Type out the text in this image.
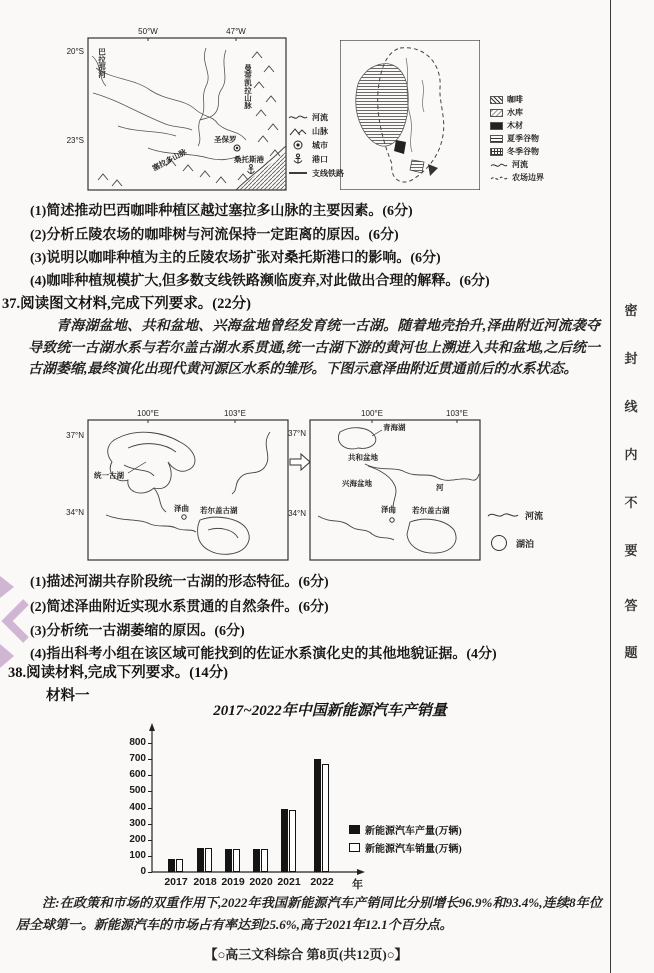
50°W	47°W
20°S
23°S
巴拉那河
曼蒂凯拉山脉
塞拉多山脉
圣保罗
桑托斯港
河流
山脉
城市
港口
支线铁路
咖啡
水库
木材
夏季谷物
冬季谷物
河流
农场边界
(1)简述推动巴西咖啡种植区越过塞拉多山脉的主要因素。(6分)
(2)分析丘陵农场的咖啡树与河流保持一定距离的原因。(6分)
(3)说明以咖啡种植为主的丘陵农场扩张对桑托斯港口的影响。(6分)
(4)咖啡种植规模扩大,但多数支线铁路濒临废弃,对此做出合理的解释。(6分)
37.阅读图文材料,完成下列要求。(22分)
青海湖盆地、共和盆地、兴海盆地曾经发育统一古湖。随着地壳抬升,泽曲附近河流袭夺导致统一古湖水系与若尔盖古湖水系贯通,统一古湖下游的黄河也上溯进入共和盆地,之后统一古湖萎缩,最终演化出现代黄河源区水系的雏形。下图示意泽曲附近贯通前后的水系状态。
100°E	103°E
37°N
34°N
统一古湖
泽曲 若尔盖古湖
100°E	103°E
37°N
34°N
青海湖
共和盆地
兴海盆地	河
泽曲 若尔盖古湖	河流
湖泊
(1)描述河湖共存阶段统一古湖的形态特征。(6分)
(2)简述泽曲附近实现水系贯通的自然条件。(6分)
(3)分析统一古湖萎缩的原因。(6分)
(4)指出科考小组在该区域可能找到的佐证水系演化史的其他地貌证据。(4分)
38.阅读材料,完成下列要求。(14分)
材料一
2017~2022年中国新能源汽车产销量
0
100
200
300
400
500
600
700
800
2017 2018 2019 2020 2021 2022	年
新能源汽车产量(万辆)
新能源汽车销量(万辆)
注:在政策和市场的双重作用下,2022年我国新能源汽车产销同比分别增长96.9%和93.4%,连续8年位居全球第一。新能源汽车的市场占有率达到25.6%,高于2021年12.1个百分点。
【○高三文科综合 第8页(共12页)○】
密
封
线
内
不
要
答
题
